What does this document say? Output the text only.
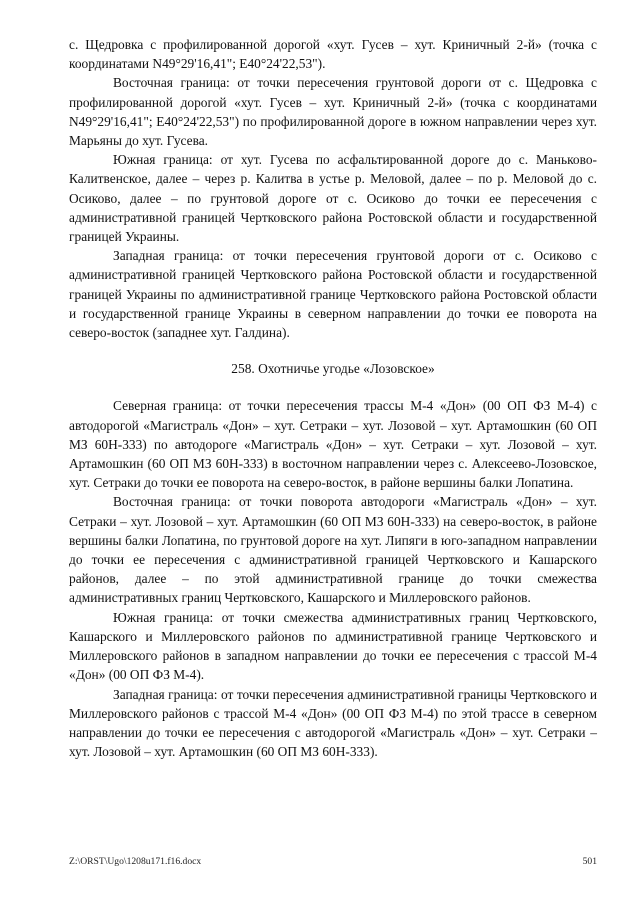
с. Щедровка с профилированной дорогой «хут. Гусев – хут. Криничный 2-й» (точка с координатами N49°29'16,41"; E40°24'22,53").

Восточная граница: от точки пересечения грунтовой дороги от с. Щедровка с профилированной дорогой «хут. Гусев – хут. Криничный 2-й» (точка с координатами N49°29'16,41"; E40°24'22,53") по профилированной дороге в южном направлении через хут. Марьяны до хут. Гусева.

Южная граница: от хут. Гусева по асфальтированной дороге до с. Маньково-Калитвенское, далее – через р. Калитва в устье р. Меловой, далее – по р. Меловой до с. Осиково, далее – по грунтовой дороге от с. Осиково до точки ее пересечения с административной границей Чертковского района Ростовской области и государственной границей Украины.

Западная граница: от точки пересечения грунтовой дороги от с. Осиково с административной границей Чертковского района Ростовской области и государственной границей Украины по административной границе Чертковского района Ростовской области и государственной границе Украины в северном направлении до точки ее поворота на северо-восток (западнее хут. Галдина).

258. Охотничье угодье «Лозовское»

Северная граница: от точки пересечения трассы М-4 «Дон» (00 ОП ФЗ М-4) с автодорогой «Магистраль «Дон» – хут. Сетраки – хут. Лозовой – хут. Артамошкин (60 ОП МЗ 60Н-333) по автодороге «Магистраль «Дон» – хут. Сетраки – хут. Лозовой – хут. Артамошкин (60 ОП МЗ 60Н-333) в восточном направлении через с. Алексеево-Лозовское, хут. Сетраки до точки ее поворота на северо-восток, в районе вершины балки Лопатина.

Восточная граница: от точки поворота автодороги «Магистраль «Дон» – хут. Сетраки – хут. Лозовой – хут. Артамошкин (60 ОП МЗ 60Н-333) на северо-восток, в районе вершины балки Лопатина, по грунтовой дороге на хут. Липяги в юго-западном направлении до точки ее пересечения с административной границей Чертковского и Кашарского районов, далее – по этой административной границе до точки смежества административных границ Чертковского, Кашарского и Миллеровского районов.

Южная граница: от точки смежества административных границ Чертковского, Кашарского и Миллеровского районов по административной границе Чертковского и Миллеровского районов в западном направлении до точки ее пересечения с трассой М-4 «Дон» (00 ОП ФЗ М-4).

Западная граница: от точки пересечения административной границы Чертковского и Миллеровского районов с трассой М-4 «Дон» (00 ОП ФЗ М-4) по этой трассе в северном направлении до точки ее пересечения с автодорогой «Магистраль «Дон» – хут. Сетраки – хут. Лозовой – хут. Артамошкин (60 ОП МЗ 60Н-333).

Z:\ORST\Ugo\1208u171.f16.docx	501
